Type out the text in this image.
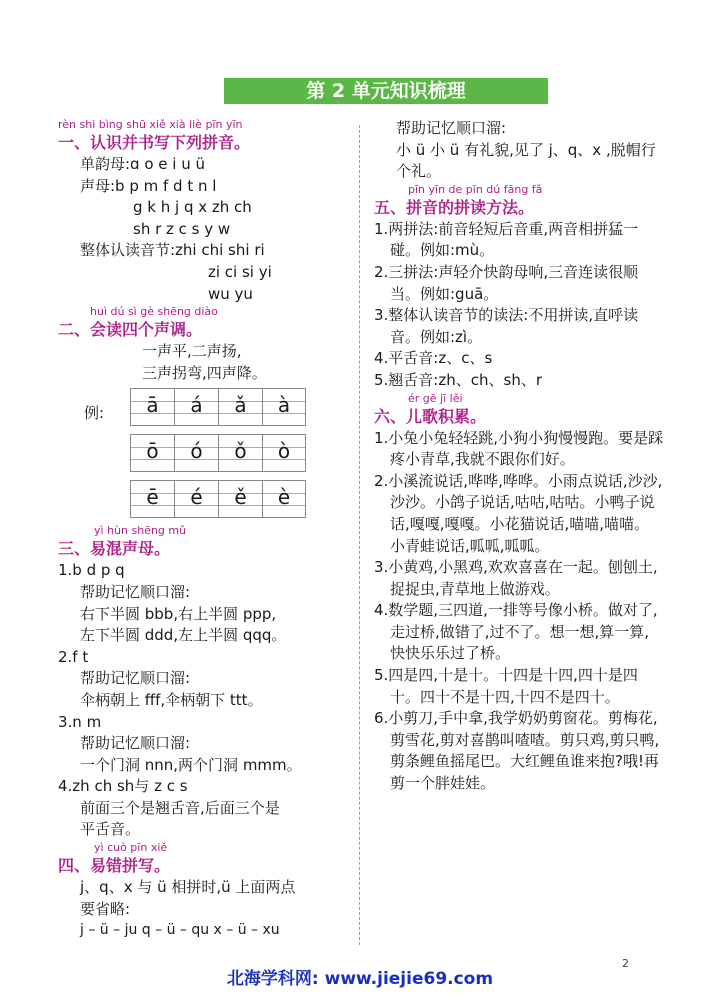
第 2 单元知识梳理
rèn shi bìng shū xiě xià liè pīn yīn
一、认识并书写下列拼音。
单韵母:ɑ o e i u ü
声母:b p m f d t n l
g k h j q x zh ch
sh r z c s y w
整体认读音节:zhi chi shi ri
zi ci si yi
wu yu
huì dú sì gè shēng diào
二、会读四个声调。
一声平,二声扬,
三声拐弯,四声降。
例:	ā	á	ǎ	à
ō	ó	ǒ	ò
ē	é	ě	è
yì hùn shēng mǔ
三、易混声母。
1.b d p q
帮助记忆顺口溜:
右下半圆 bbb,右上半圆 ppp,
左下半圆 ddd,左上半圆 qqq。
2.f t
帮助记忆顺口溜:
伞柄朝上 fff,伞柄朝下 ttt。
3.n m
帮助记忆顺口溜:
一个门洞 nnn,两个门洞 mmm。
4.zh ch sh与 z c s
前面三个是翘舌音,后面三个是
平舌音。
yì cuò pīn xiě
四、易错拼写。
j、q、x 与 ü 相拼时,ü 上面两点
要省略:
j – ü – ju q – ü – qu x – ü – xu
帮助记忆顺口溜:
小 ü 小 ü 有礼貌,见了 j、q、x ,脱帽行个礼。
pīn yīn de pīn dú fāng fǎ
五、拼音的拼读方法。
1.两拼法:前音轻短后音重,两音相拼猛一碰。例如:mù。
2.三拼法:声轻介快韵母响,三音连读很顺当。例如:guā。
3.整体认读音节的读法:不用拼读,直呼读音。例如:zì。
4.平舌音:z、c、s
5.翘舌音:zh、ch、sh、r
ér gē jī lěi
六、儿歌积累。
1.小兔小兔轻轻跳,小狗小狗慢慢跑。要是踩疼小青草,我就不跟你们好。
2.小溪流说话,哗哗,哗哗。小雨点说话,沙沙,沙沙。小鸽子说话,咕咕,咕咕。小鸭子说话,嘎嘎,嘎嘎。小花猫说话,喵喵,喵喵。小青蛙说话,呱呱,呱呱。
3.小黄鸡,小黑鸡,欢欢喜喜在一起。刨刨土,捉捉虫,青草地上做游戏。
4.数学题,三四道,一排等号像小桥。做对了,走过桥,做错了,过不了。想一想,算一算,快快乐乐过了桥。
5.四是四,十是十。十四是十四,四十是四十。四十不是十四,十四不是四十。
6.小剪刀,手中拿,我学奶奶剪窗花。剪梅花,剪雪花,剪对喜鹊叫喳喳。剪只鸡,剪只鸭,剪条鲤鱼摇尾巴。大红鲤鱼谁来抱?哦!再剪一个胖娃娃。
2
北海学科网: www.jiejie69.com
